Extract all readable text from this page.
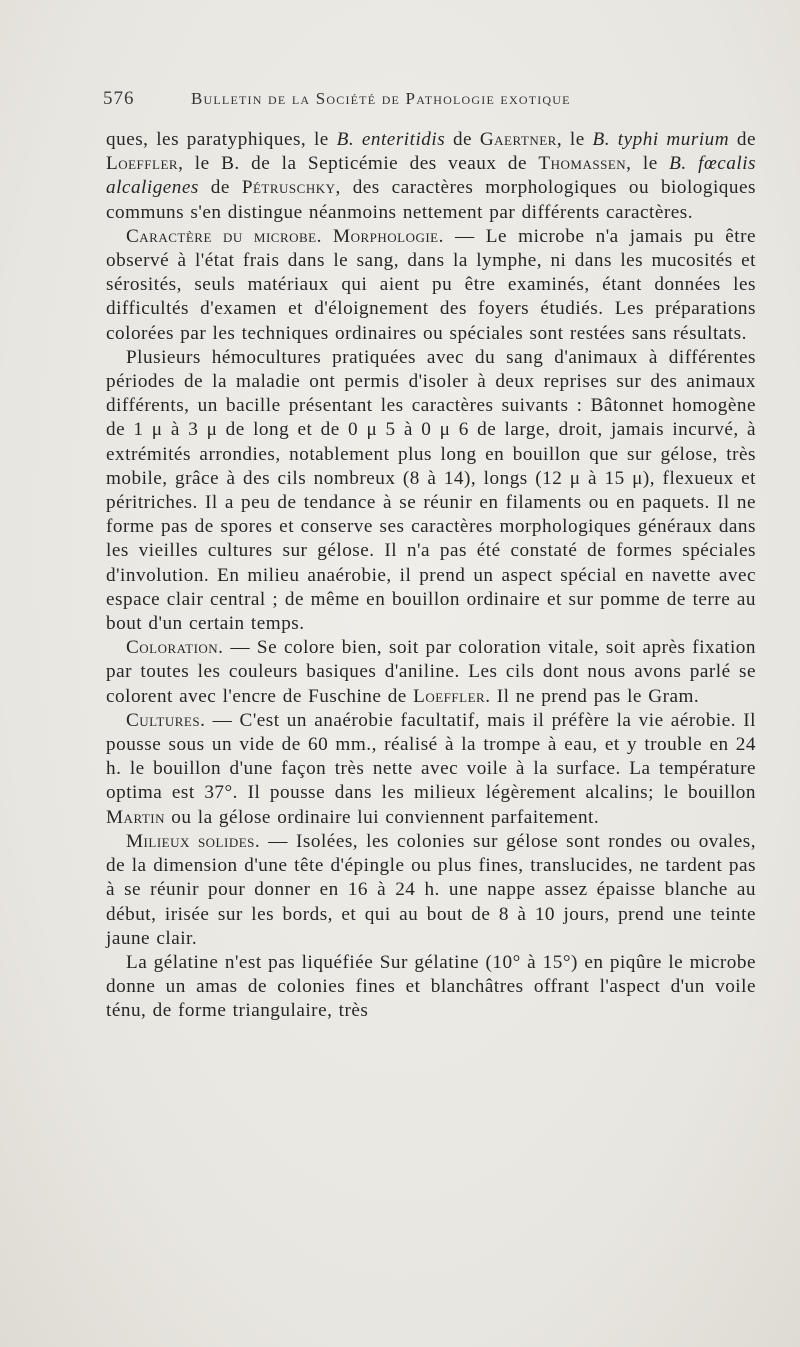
576	Bulletin de la Société de Pathologie exotique

ques, les paratyphiques, le B. enteritidis de Gaertner, le B. typhi murium de Loeffler, le B. de la Septicémie des veaux de Thomassen, le B. fœcalis alcaligenes de Pétruschky, des caractères morphologiques ou biologiques communs s'en distingue néanmoins nettement par différents caractères.

Caractère du microbe. Morphologie. — Le microbe n'a jamais pu être observé à l'état frais dans le sang, dans la lymphe, ni dans les mucosités et sérosités, seuls matériaux qui aient pu être examinés, étant données les difficultés d'examen et d'éloignement des foyers étudiés. Les préparations colorées par les techniques ordinaires ou spéciales sont restées sans résultats.

Plusieurs hémocultures pratiquées avec du sang d'animaux à différentes périodes de la maladie ont permis d'isoler à deux reprises sur des animaux différents, un bacille présentant les caractères suivants : Bâtonnet homogène de 1 μ à 3 μ de long et de 0 μ 5 à 0 μ 6 de large, droit, jamais incurvé, à extrémités arrondies, notablement plus long en bouillon que sur gélose, très mobile, grâce à des cils nombreux (8 à 14), longs (12 μ à 15 μ), flexueux et péritriches. Il a peu de tendance à se réunir en filaments ou en paquets. Il ne forme pas de spores et conserve ses caractères morphologiques généraux dans les vieilles cultures sur gélose. Il n'a pas été constaté de formes spéciales d'involution. En milieu anaérobie, il prend un aspect spécial en navette avec espace clair central ; de même en bouillon ordinaire et sur pomme de terre au bout d'un certain temps.

Coloration. — Se colore bien, soit par coloration vitale, soit après fixation par toutes les couleurs basiques d'aniline. Les cils dont nous avons parlé se colorent avec l'encre de Fuschine de Loeffler. Il ne prend pas le Gram.

Cultures. — C'est un anaérobie facultatif, mais il préfère la vie aérobie. Il pousse sous un vide de 60 mm., réalisé à la trompe à eau, et y trouble en 24 h. le bouillon d'une façon très nette avec voile à la surface. La température optima est 37°. Il pousse dans les milieux légèrement alcalins; le bouillon Martin ou la gélose ordinaire lui conviennent parfaitement.

Milieux solides. — Isolées, les colonies sur gélose sont rondes ou ovales, de la dimension d'une tête d'épingle ou plus fines, translucides, ne tardent pas à se réunir pour donner en 16 à 24 h. une nappe assez épaisse blanche au début, irisée sur les bords, et qui au bout de 8 à 10 jours, prend une teinte jaune clair.

La gélatine n'est pas liquéfiée Sur gélatine (10° à 15°) en piqûre le microbe donne un amas de colonies fines et blanchâtres offrant l'aspect d'un voile ténu, de forme triangulaire, très
